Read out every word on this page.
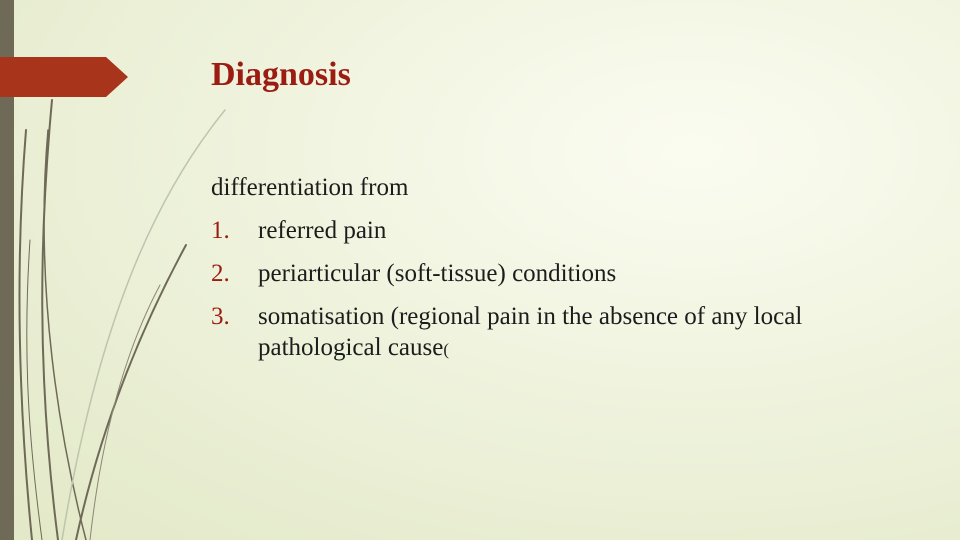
Diagnosis

differentiation from

1.	referred pain
2.	periarticular (soft-tissue) conditions
3.	somatisation (regional pain in the absence of any local pathological cause(
